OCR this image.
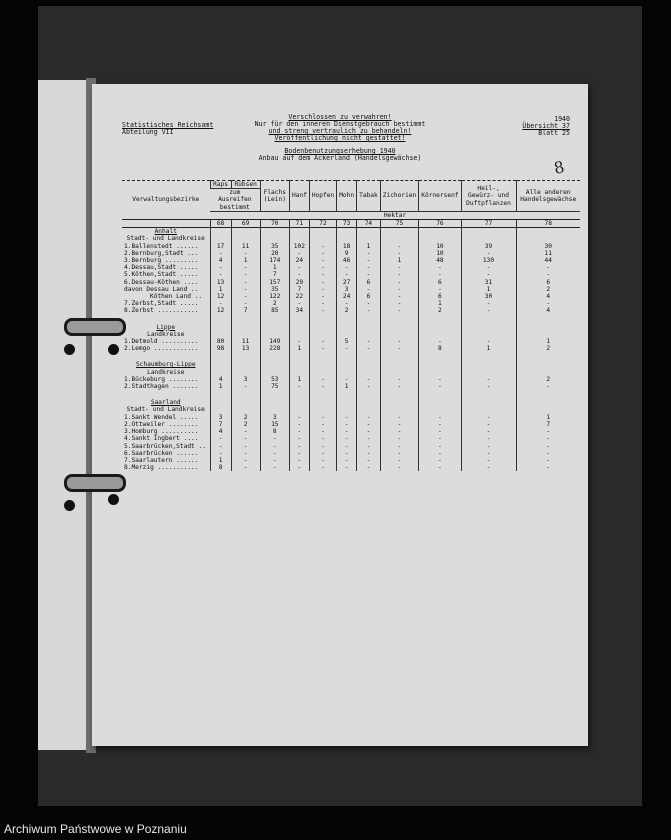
Statistisches Reichsamt
Abteilung VII
Verschlossen zu verwahren!
Nur für den inneren Dienstgebrauch bestimmt
und streng vertraulich zu behandeln!
Veröffentlichung nicht gestattet!
Bodenbenutzungserhebung 1940
Anbau auf dem Ackerland (Handelsgewächse)
1940
Übersicht 37
Blatt 25
8
Verwaltungsbezirke	Raps	Rübsen	Flachs (Lein)	Hanf	Hopfen	Mohn	Tabak	Zichorien	Körnersenf	Heil-, Gewürz- und Duftpflanzen	Alle anderen Handelsgewächse
	zum Ausreifen bestimmt										
	Hektar										
	68	69	70	71	72	73	74	75	76	77	78
Anhalt											
Stadt- und Landkreise											
1.Ballenstedt ......	17	11	35	102	-	18	1	-	10	39	30
2.Bernburg,Stadt ...	-	-	20	-	-	9	-	-	10	-	11
3.Bernburg .........	4	1	174	24	-	46	-	1	48	130	44
4.Dessau,Stadt .....	-	-	1	-	-	-	-	-	-	-	-
5.Köthen,Stadt .....	-	-	7	-	-	-	-	-	-	-	-
6.Dessau-Köthen ....	13	-	157	29	-	27	6	-	6	31	6
davon Dessau Land ..	1	-	35	7	-	3	-	-	-	1	2
Köthen Land ..	12	-	122	22	-	24	6	-	6	30	4
7.Zerbst,Stadt .....	-	-	2	-	-	-	-	-	1	-	-
8.Zerbst ...........	12	7	85	34	-	2	-	-	2	-	4

Lippe											
Landkreise											
1.Detmold ..........	80	11	149	-	-	5	-	-	-	-	1
2.Lemgo ............	98	13	228	1	-	-	-	-	8	1	2

Schaumburg-Lippe											
Landkreise											
1.Bückeburg ........	4	3	53	1	-	-	-	-	-	-	2
2.Stadthagen .......	1	-	75	-	-	1	-	-	-	-	-

Saarland											
Stadt- und Landkreise											
1.Sankt Wendel .....	3	2	3	-	-	-	-	-	-	-	1
2.Ottweiler ........	7	2	15	-	-	-	-	-	-	-	7
3.Homburg ..........	4	-	8	-	-	-	-	-	-	-	-
4.Sankt Ingbert ....	-	-	-	-	-	-	-	-	-	-	-
5.Saarbrücken,Stadt ..	-	-	-	-	-	-	-	-	-	-	-
6.Saarbrücken ......	-	-	-	-	-	-	-	-	-	-	-
7.Saarlautern ......	1	-	-	-	-	-	-	-	-	-	-
8.Merzig ...........	8	-	-	-	-	-	-	-	-	-	-
Archiwum Państwowe w Poznaniu
